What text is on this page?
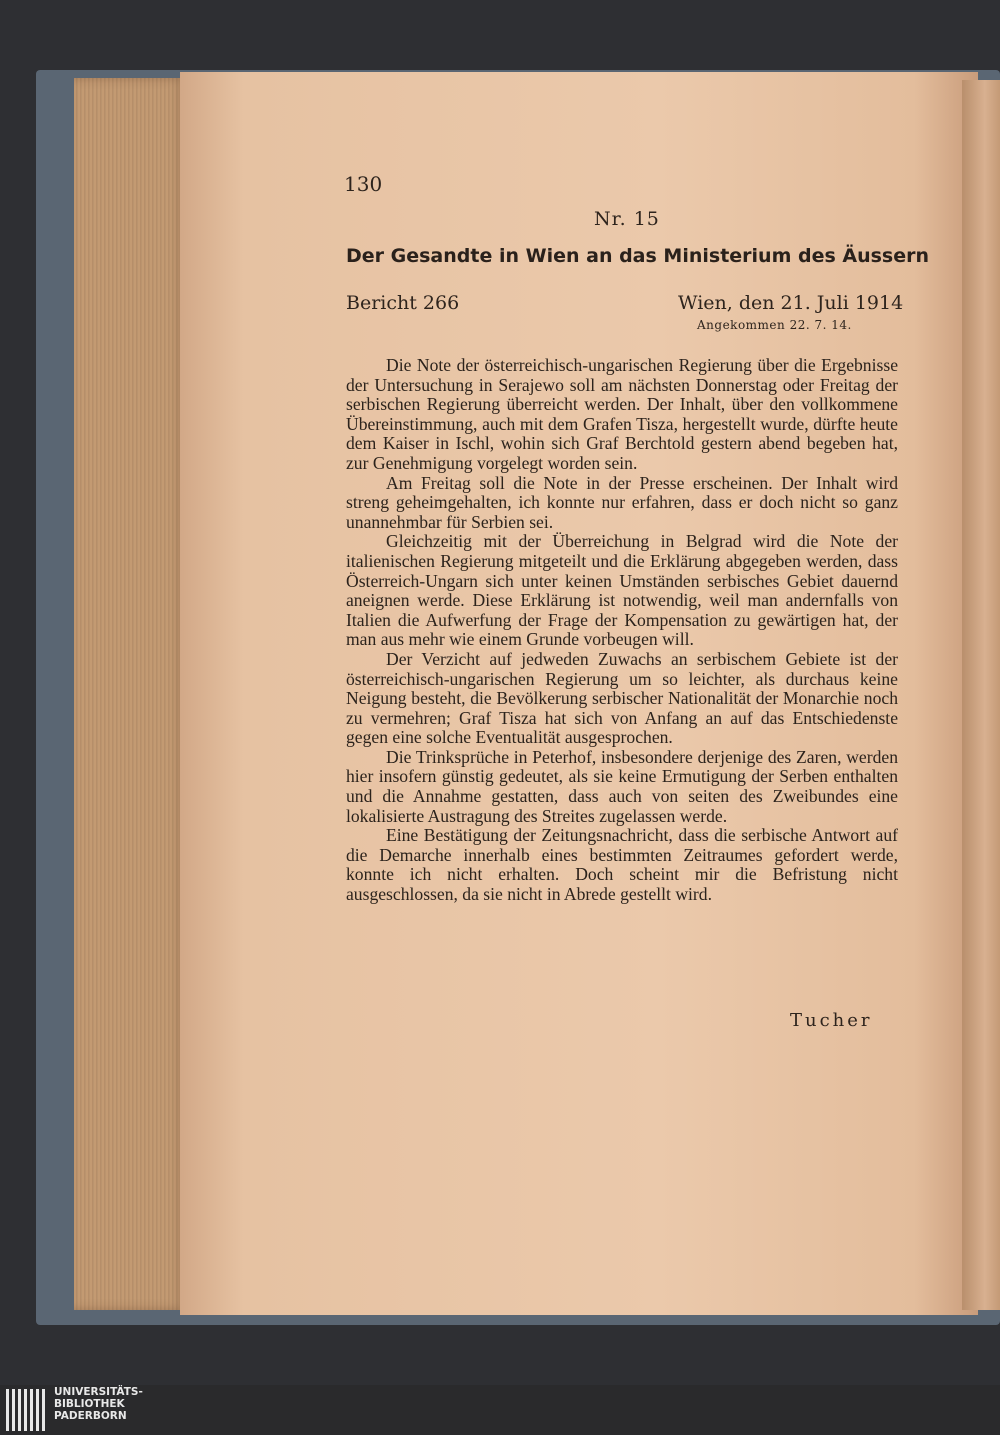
130
Nr. 15
Der Gesandte in Wien an das Ministerium des Äussern
Bericht 266	Wien, den 21. Juli 1914
Angekommen 22. 7. 14.

Die Note der österreichisch-ungarischen Regierung über die Ergebnisse der Untersuchung in Serajewo soll am nächsten Donnerstag oder Freitag der serbischen Regierung überreicht werden. Der Inhalt, über den vollkommene Übereinstimmung, auch mit dem Grafen Tisza, hergestellt wurde, dürfte heute dem Kaiser in Ischl, wohin sich Graf Berchtold gestern abend begeben hat, zur Genehmigung vorgelegt worden sein.

Am Freitag soll die Note in der Presse erscheinen. Der Inhalt wird streng geheimgehalten, ich konnte nur erfahren, dass er doch nicht so ganz unannehmbar für Serbien sei.

Gleichzeitig mit der Überreichung in Belgrad wird die Note der italienischen Regierung mitgeteilt und die Erklärung abgegeben werden, dass Österreich-Ungarn sich unter keinen Umständen serbisches Gebiet dauernd aneignen werde. Diese Erklärung ist notwendig, weil man andernfalls von Italien die Aufwerfung der Frage der Kompensation zu gewärtigen hat, der man aus mehr wie einem Grunde vorbeugen will.

Der Verzicht auf jedweden Zuwachs an serbischem Gebiete ist der österreichisch-ungarischen Regierung um so leichter, als durchaus keine Neigung besteht, die Bevölkerung serbischer Nationalität der Monarchie noch zu vermehren; Graf Tisza hat sich von Anfang an auf das Entschiedenste gegen eine solche Eventualität ausgesprochen.

Die Trinksprüche in Peterhof, insbesondere derjenige des Zaren, werden hier insofern günstig gedeutet, als sie keine Ermutigung der Serben enthalten und die Annahme gestatten, dass auch von seiten des Zweibundes eine lokalisierte Austragung des Streites zugelassen werde.

Eine Bestätigung der Zeitungsnachricht, dass die serbische Antwort auf die Demarche innerhalb eines bestimmten Zeitraumes gefordert werde, konnte ich nicht erhalten. Doch scheint mir die Befristung nicht ausgeschlossen, da sie nicht in Abrede gestellt wird.

Tucher
UNIVERSITÄTS-
BIBLIOTHEK
PADERBORN
